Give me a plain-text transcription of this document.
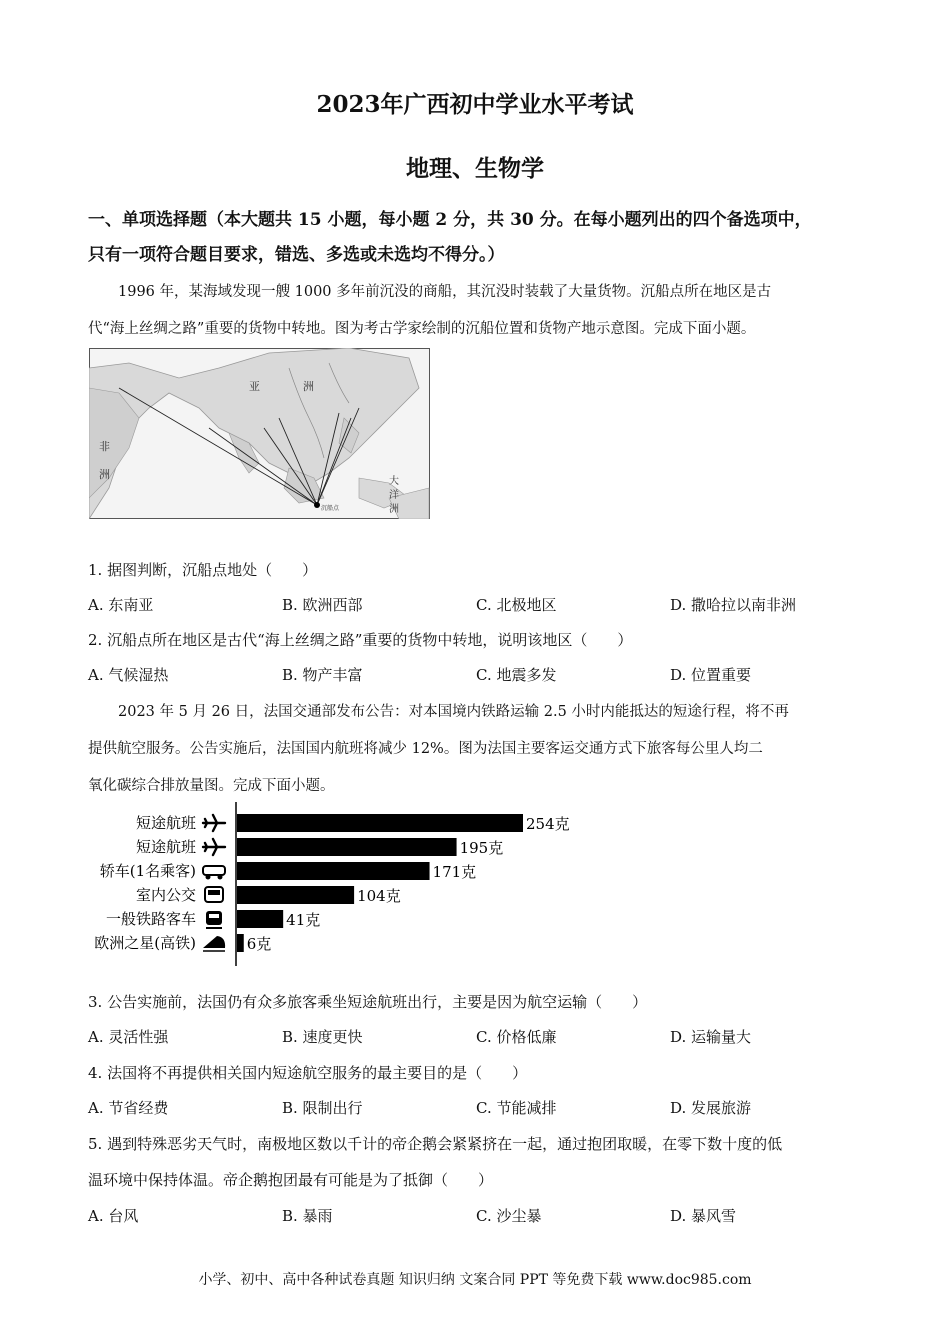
2023年广西初中学业水平考试
地理、生物学
一、单项选择题（本大题共 15 小题，每小题 2 分，共 30 分。在每小题列出的四个备选项中，
只有一项符合题目要求，错选、多选或未选均不得分。）
1996 年，某海域发现一艘 1000 多年前沉没的商船，其沉没时装载了大量货物。沉船点所在地区是古
代“海上丝绸之路”重要的货物中转地。图为考古学家绘制的沉船位置和货物产地示意图。完成下面小题。
亚	洲
非
洲
大
洋
洲
沉船点
1. 据图判断，沉船点地处（　　）
A. 东南亚	B. 欧洲西部	C. 北极地区	D. 撒哈拉以南非洲
2. 沉船点所在地区是古代“海上丝绸之路”重要的货物中转地，说明该地区（　　）
A. 气候湿热	B. 物产丰富	C. 地震多发	D. 位置重要
2023 年 5 月 26 日，法国交通部发布公告：对本国境内铁路运输 2.5 小时内能抵达的短途行程，将不再
提供航空服务。公告实施后，法国国内航班将减少 12%。图为法国主要客运交通方式下旅客每公里人均二
氧化碳综合排放量图。完成下面小题。
短途航班	254克
短途航班	195克
轿车(1名乘客)	171克
室内公交	104克
一般铁路客车	41克
欧洲之星(高铁)	6克
3. 公告实施前，法国仍有众多旅客乘坐短途航班出行，主要是因为航空运输（　　）
A. 灵活性强	B. 速度更快	C. 价格低廉	D. 运输量大
4. 法国将不再提供相关国内短途航空服务的最主要目的是（　　）
A. 节省经费	B. 限制出行	C. 节能减排	D. 发展旅游
5. 遇到特殊恶劣天气时，南极地区数以千计的帝企鹅会紧紧挤在一起，通过抱团取暖，在零下数十度的低
温环境中保持体温。帝企鹅抱团最有可能是为了抵御（　　）
A. 台风	B. 暴雨	C. 沙尘暴	D. 暴风雪
小学、初中、高中各种试卷真题 知识归纳 文案合同 PPT 等免费下载 www.doc985.com
